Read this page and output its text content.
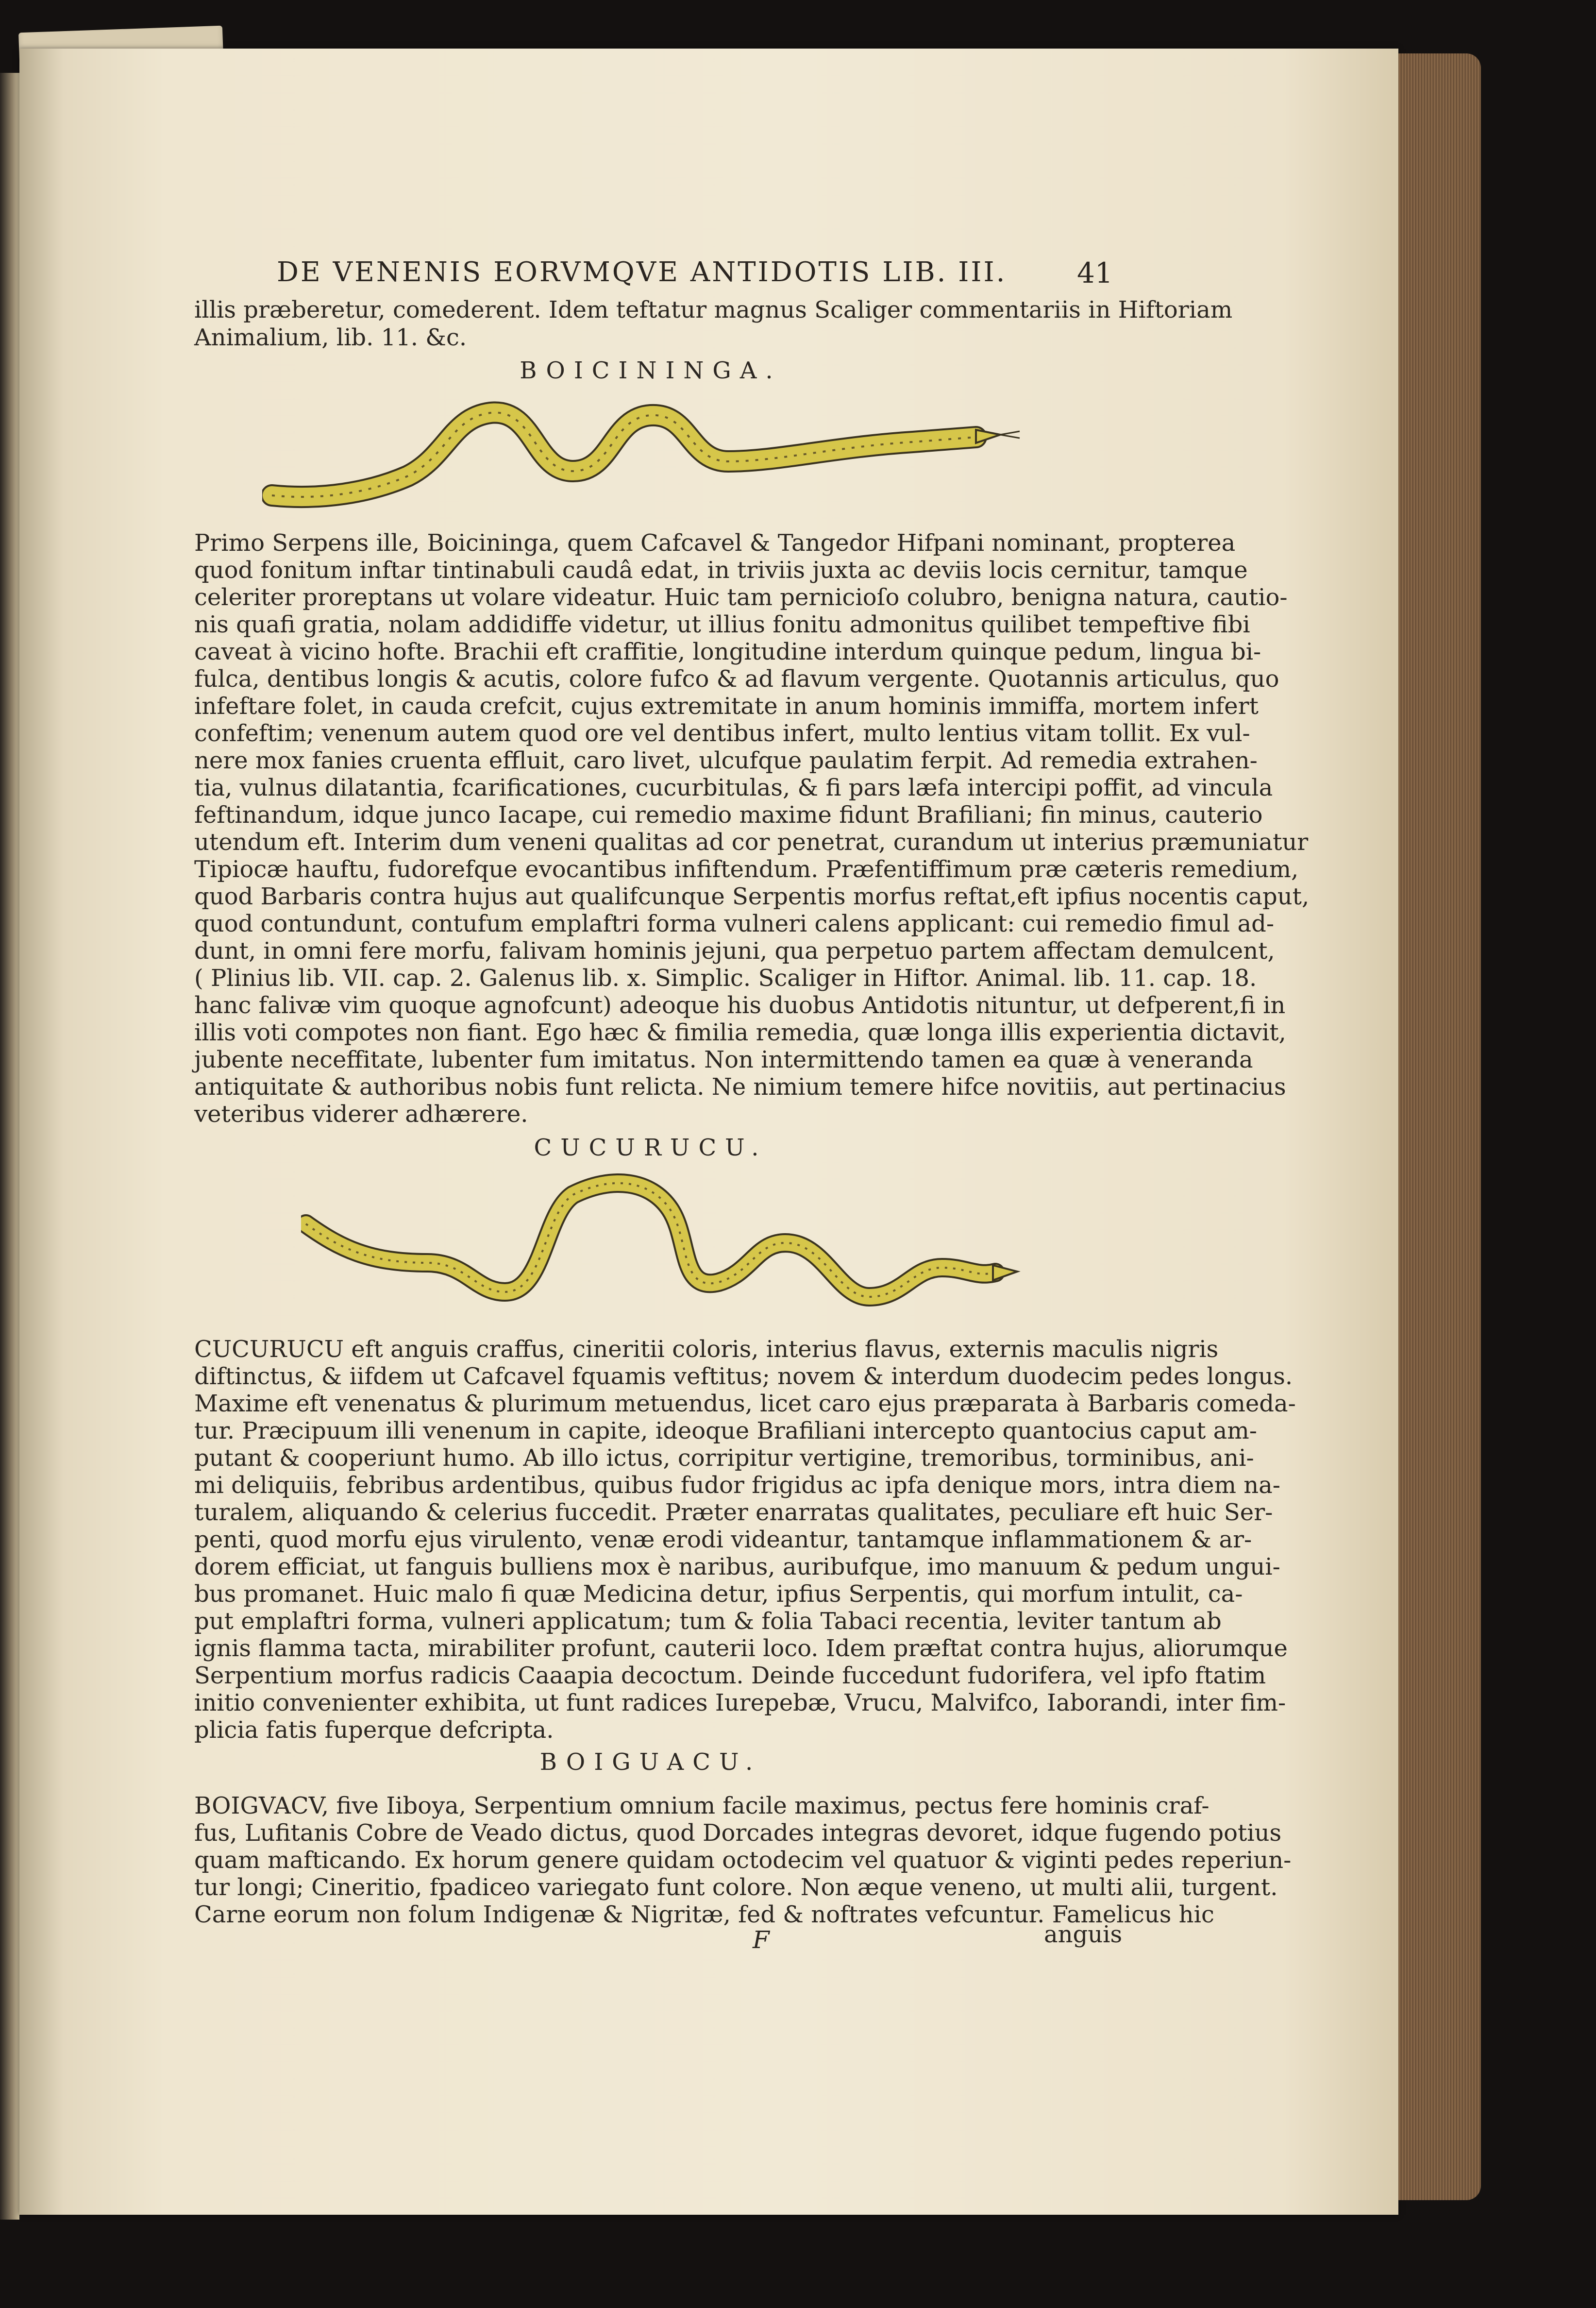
DE VENENIS EORVMQVE ANTIDOTIS LIB. III.	41
illis præberetur, comederent. Idem teftatur magnus Scaliger commentariis in Hiftoriam
Animalium, lib. 11. &c.
BOICININGA.
Primo Serpens ille, Boicininga, quem Cafcavel & Tangedor Hifpani nominant, propterea
quod fonitum inftar tintinabuli caudâ edat, in triviis juxta ac deviis locis cernitur, tamque
celeriter proreptans ut volare videatur. Huic tam pernicioſo colubro, benigna natura, cautio-
nis quafi gratia, nolam addidiffe videtur, ut illius fonitu admonitus quilibet tempeftive fibi
caveat à vicino hofte. Brachii eft craffitie, longitudine interdum quinque pedum, lingua bi-
fulca, dentibus longis & acutis, colore fufco & ad flavum vergente. Quotannis articulus, quo
infeftare folet, in cauda crefcit, cujus extremitate in anum hominis immiffa, mortem infert
confeftim; venenum autem quod ore vel dentibus infert, multo lentius vitam tollit. Ex vul-
nere mox fanies cruenta effluit, caro livet, ulcufque paulatim ferpit. Ad remedia extrahen-
tia, vulnus dilatantia, fcarificationes, cucurbitulas, & fi pars læfa intercipi poffit, ad vincula
feftinandum, idque junco Iacape, cui remedio maxime fidunt Brafiliani; fin minus, cauterio
utendum eft. Interim dum veneni qualitas ad cor penetrat, curandum ut interius præmuniatur
Tipiocæ hauftu, fudorefque evocantibus infiftendum. Præfentiffimum præ cæteris remedium,
quod Barbaris contra hujus aut qualifcunque Serpentis morfus reftat,eft ipfius nocentis caput,
quod contundunt, contufum emplaftri forma vulneri calens applicant: cui remedio fimul ad-
dunt, in omni fere morfu, falivam hominis jejuni, qua perpetuo partem affectam demulcent,
( Plinius lib. VII. cap. 2. Galenus lib. x. Simplic. Scaliger in Hiftor. Animal. lib. 11. cap. 18.
hanc falivæ vim quoque agnofcunt) adeoque his duobus Antidotis nituntur, ut defperent,fi in
illis voti compotes non fiant. Ego hæc & fimilia remedia, quæ longa illis experientia dictavit,
jubente neceffitate, lubenter fum imitatus. Non intermittendo tamen ea quæ à veneranda
antiquitate & authoribus nobis funt relicta. Ne nimium temere hifce novitiis, aut pertinacius
veteribus viderer adhærere.
CUCURUCU.
CUCURUCU eft anguis craffus, cineritii coloris, interius flavus, externis maculis nigris
diftinctus, & iifdem ut Cafcavel fquamis veftitus; novem & interdum duodecim pedes longus.
Maxime eft venenatus & plurimum metuendus, licet caro ejus præparata à Barbaris comeda-
tur. Præcipuum illi venenum in capite, ideoque Brafiliani intercepto quantocius caput am-
putant & cooperiunt humo. Ab illo ictus, corripitur vertigine, tremoribus, torminibus, ani-
mi deliquiis, febribus ardentibus, quibus fudor frigidus ac ipfa denique mors, intra diem na-
turalem, aliquando & celerius fuccedit. Præter enarratas qualitates, peculiare eft huic Ser-
penti, quod morfu ejus virulento, venæ erodi videantur, tantamque inflammationem & ar-
dorem efficiat, ut fanguis bulliens mox è naribus, auribufque, imo manuum & pedum ungui-
bus promanet. Huic malo fi quæ Medicina detur, ipfius Serpentis, qui morfum intulit, ca-
put emplaftri forma, vulneri applicatum; tum & folia Tabaci recentia, leviter tantum ab
ignis flamma tacta, mirabiliter profunt, cauterii loco. Idem præftat contra hujus, aliorumque
Serpentium morfus radicis Caaapia decoctum. Deinde fuccedunt fudorifera, vel ipfo ftatim
initio convenienter exhibita, ut funt radices Iurepebæ, Vrucu, Malvifco, Iaborandi, inter fim-
plicia fatis fuperque defcripta.
BOIGUACU.
BOIGVACV, five Iiboya, Serpentium omnium facile maximus, pectus fere hominis craf-
fus, Lufitanis Cobre de Veado dictus, quod Dorcades integras devoret, idque fugendo potius
quam mafticando. Ex horum genere quidam octodecim vel quatuor & viginti pedes reperiun-
tur longi; Cineritio, fpadiceo variegato funt colore. Non æque veneno, ut multi alii, turgent.
Carne eorum non folum Indigenæ & Nigritæ, fed & noftrates vefcuntur. Famelicus hic
F	anguis
